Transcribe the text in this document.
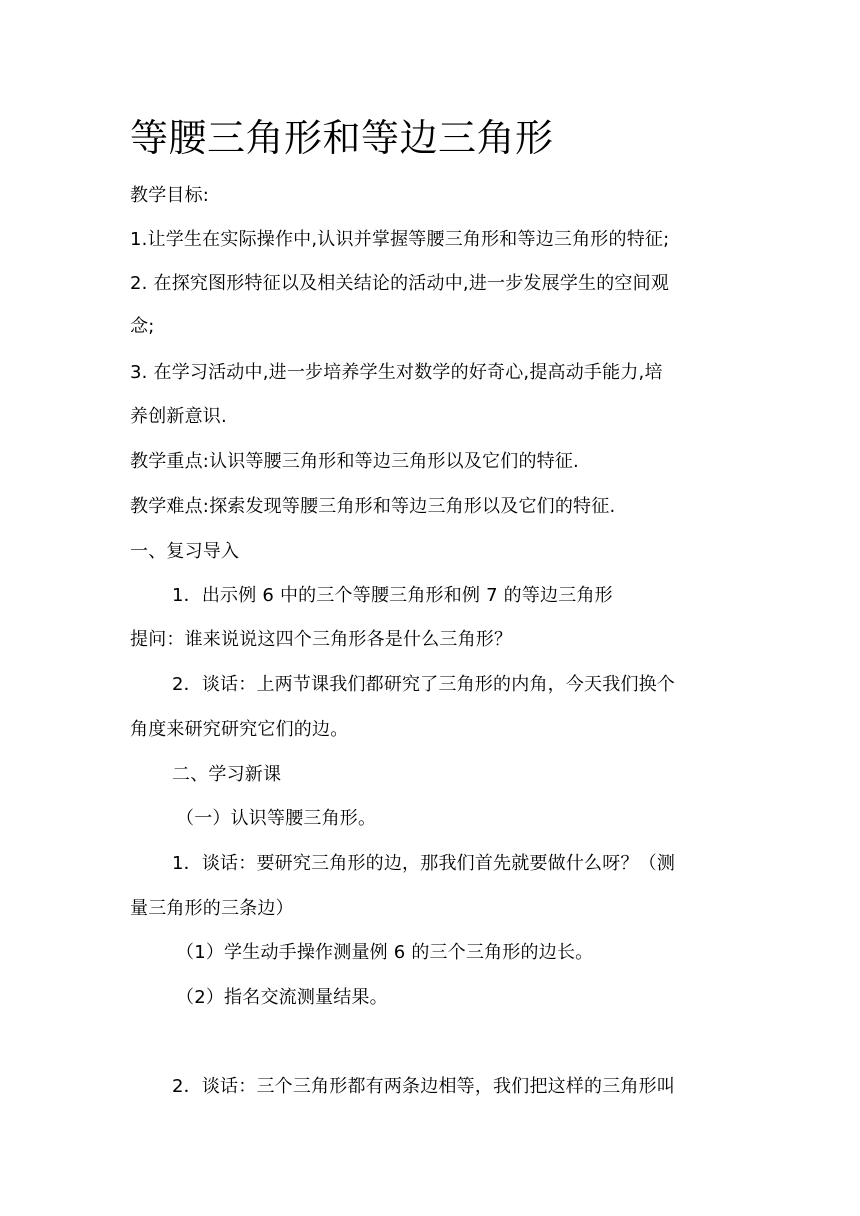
等腰三角形和等边三角形
教学目标:
1.让学生在实际操作中,认识并掌握等腰三角形和等边三角形的特征;
2. 在探究图形特征以及相关结论的活动中,进一步发展学生的空间观
念;
3. 在学习活动中,进一步培养学生对数学的好奇心,提高动手能力,培
养创新意识.
教学重点:认识等腰三角形和等边三角形以及它们的特征.
教学难点:探索发现等腰三角形和等边三角形以及它们的特征.
一、复习导入
1．出示例 6 中的三个等腰三角形和例 7 的等边三角形
提问：谁来说说这四个三角形各是什么三角形？
2．谈话：上两节课我们都研究了三角形的内角，今天我们换个
角度来研究研究它们的边。
二、学习新课
（一）认识等腰三角形。
1．谈话：要研究三角形的边，那我们首先就要做什么呀？（测
量三角形的三条边）
（1）学生动手操作测量例 6 的三个三角形的边长。
（2）指名交流测量结果。
2．谈话：三个三角形都有两条边相等，我们把这样的三角形叫
